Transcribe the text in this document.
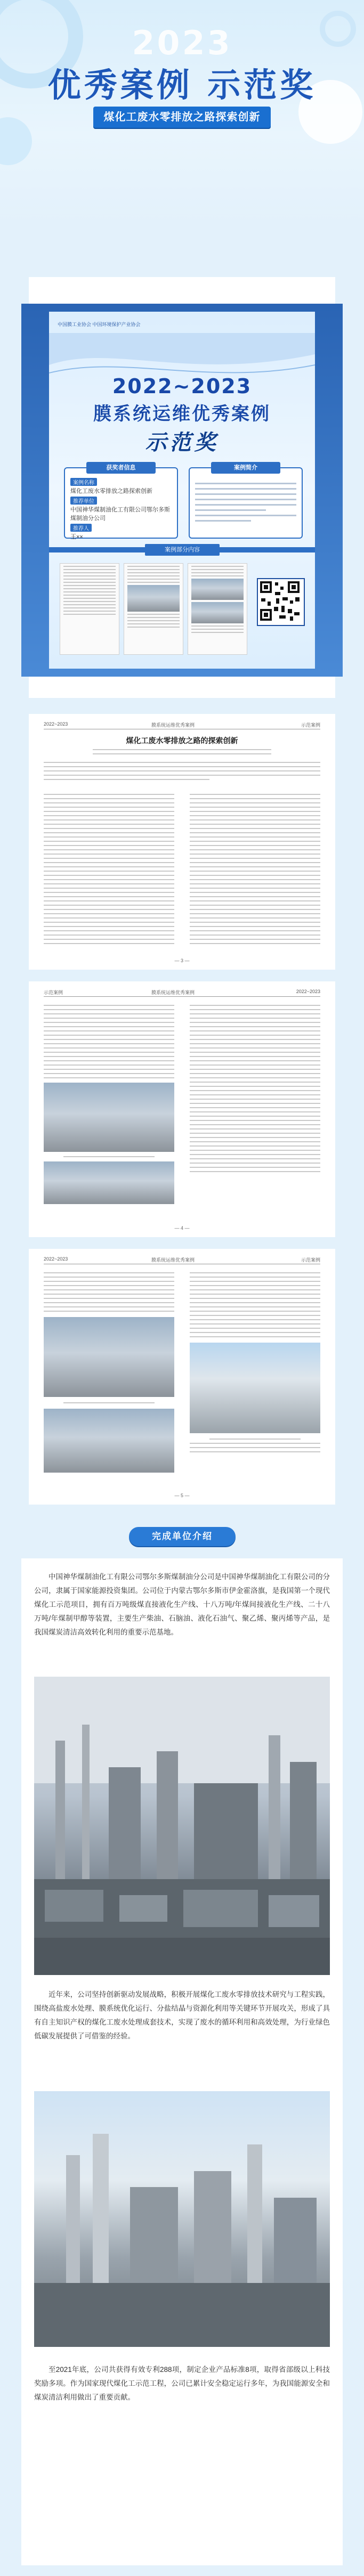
2023
优秀案例 示范奖
煤化工废水零排放之路探索创新
中国膜工业协会 中国环境保护产业协会
2022~2023
膜系统运维优秀案例
示范奖
获奖者信息
案例名称
煤化工废水零排放之路探索创新
推荐单位
中国神华煤制油化工有限公司鄂尔多斯煤制油分公司
推荐人
王××
案例简介
案例部分内容
2022~2023	膜系统运维优秀案例	示范案例
煤化工废水零排放之路的探索创新
— 3 —
示范案例	膜系统运维优秀案例	2022~2023
— 4 —
2022~2023	膜系统运维优秀案例	示范案例
— 5 —
完成单位介绍
中国神华煤制油化工有限公司鄂尔多斯煤制油分公司是中国神华煤制油化工有限公司的分公司，隶属于国家能源投资集团。公司位于内蒙古鄂尔多斯市伊金霍洛旗，是我国第一个现代煤化工示范项目，拥有百万吨级煤直接液化生产线、十八万吨/年煤间接液化生产线、二十八万吨/年煤制甲醇等装置，主要生产柴油、石脑油、液化石油气、聚乙烯、聚丙烯等产品，是我国煤炭清洁高效转化利用的重要示范基地。
近年来，公司坚持创新驱动发展战略，积极开展煤化工废水零排放技术研究与工程实践，围绕高盐废水处理、膜系统优化运行、分盐结晶与资源化利用等关键环节开展攻关，形成了具有自主知识产权的煤化工废水处理成套技术，实现了废水的循环利用和高效处理，为行业绿色低碳发展提供了可借鉴的经验。
至2021年底，公司共获得有效专利288项，制定企业产品标准8项，取得省部级以上科技奖励多项。作为国家现代煤化工示范工程，公司已累计安全稳定运行多年，为我国能源安全和煤炭清洁利用做出了重要贡献。
